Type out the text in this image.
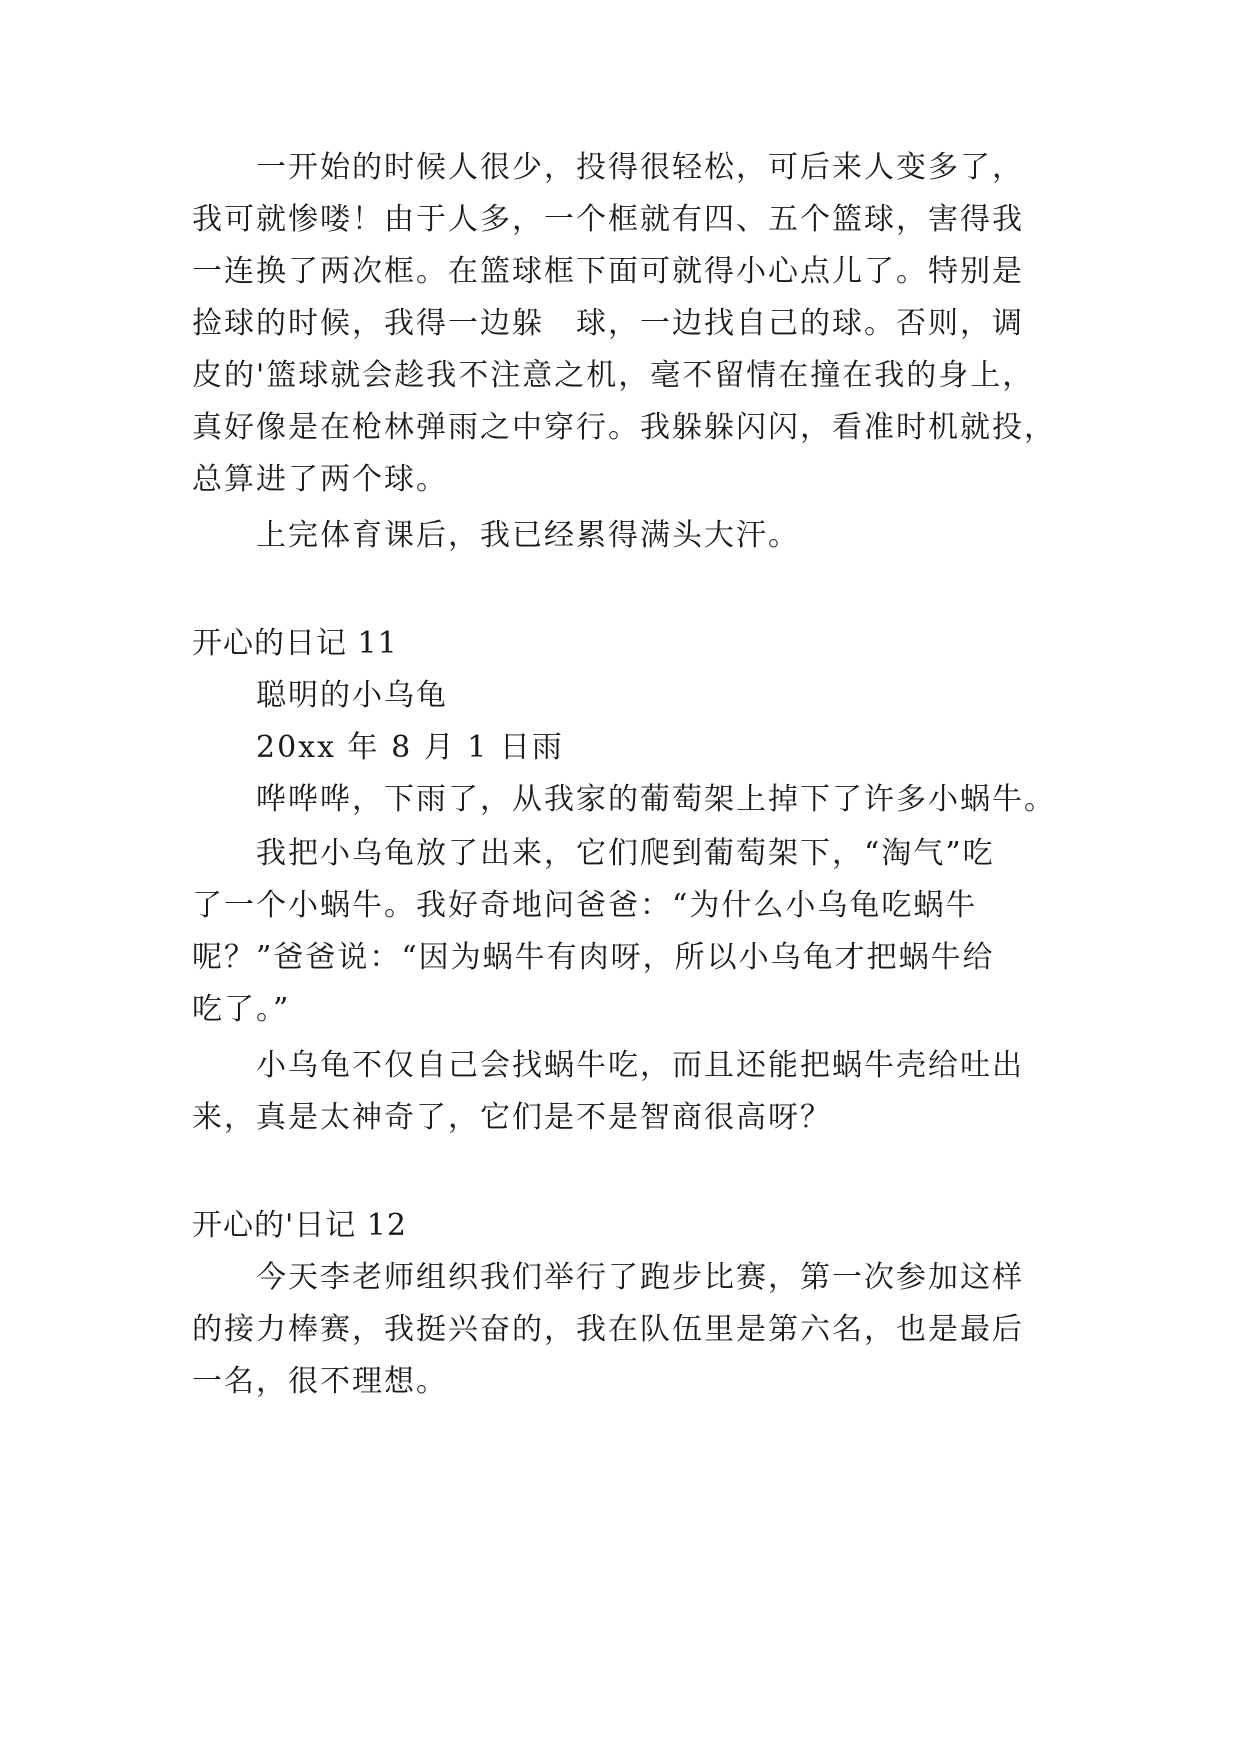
一开始的时候人很少，投得很轻松，可后来人变多了，
我可就惨喽！由于人多，一个框就有四、五个篮球，害得我
一连换了两次框。在篮球框下面可就得小心点儿了。特别是
捡球的时候，我得一边躲　球，一边找自己的球。否则，调
皮的'篮球就会趁我不注意之机，毫不留情在撞在我的身上，
真好像是在枪林弹雨之中穿行。我躲躲闪闪，看准时机就投，
总算进了两个球。
上完体育课后，我已经累得满头大汗。
开心的日记 11
聪明的小乌龟
20xx 年 8 月 1 日雨
哗哗哗，下雨了，从我家的葡萄架上掉下了许多小蜗牛。
我把小乌龟放了出来，它们爬到葡萄架下，“淘气”吃
了一个小蜗牛。我好奇地问爸爸：“为什么小乌龟吃蜗牛
呢？”爸爸说：“因为蜗牛有肉呀，所以小乌龟才把蜗牛给
吃了。”
小乌龟不仅自己会找蜗牛吃，而且还能把蜗牛壳给吐出
来，真是太神奇了，它们是不是智商很高呀？
开心的'日记 12
今天李老师组织我们举行了跑步比赛，第一次参加这样
的接力棒赛，我挺兴奋的，我在队伍里是第六名，也是最后
一名，很不理想。
